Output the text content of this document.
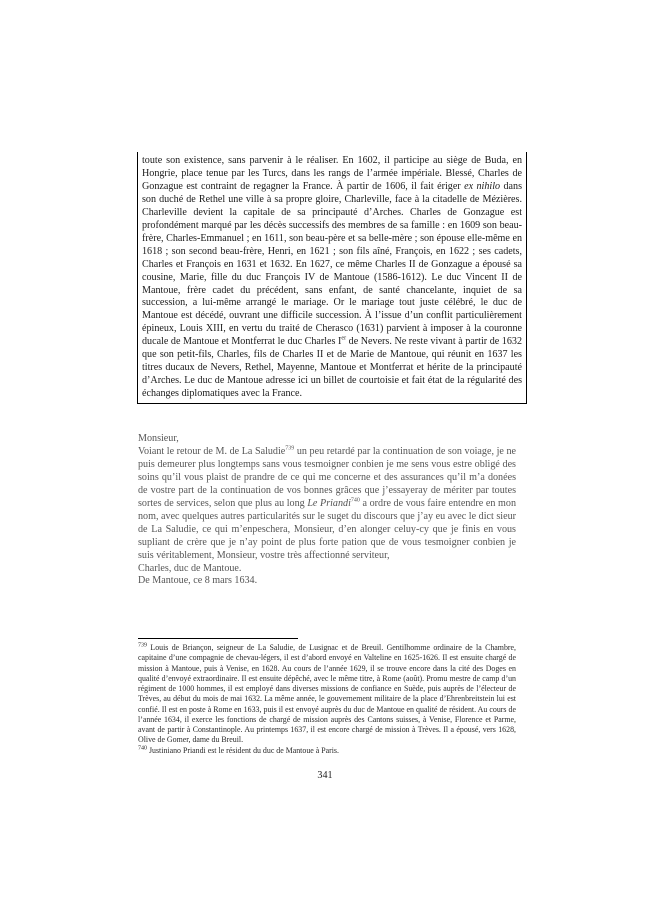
toute son existence, sans parvenir à le réaliser. En 1602, il participe au siège de Buda, en Hongrie, place tenue par les Turcs, dans les rangs de l’armée impériale. Blessé, Charles de Gonzague est contraint de regagner la France. À partir de 1606, il fait ériger ex nihilo dans son duché de Rethel une ville à sa propre gloire, Charleville, face à la citadelle de Mézières. Charleville devient la capitale de sa principauté d’Arches. Charles de Gonzague est profondément marqué par les décès successifs des membres de sa famille : en 1609 son beau-frère, Charles-Emmanuel ; en 1611, son beau-père et sa belle-mère ; son épouse elle-même en 1618 ; son second beau-frère, Henri, en 1621 ; son fils aîné, François, en 1622 ; ses cadets, Charles et François en 1631 et 1632. En 1627, ce même Charles II de Gonzague a épousé sa cousine, Marie, fille du duc François IV de Mantoue (1586-1612). Le duc Vincent II de Mantoue, frère cadet du précédent, sans enfant, de santé chancelante, inquiet de sa succession, a lui-même arrangé le mariage. Or le mariage tout juste célébré, le duc de Mantoue est décédé, ouvrant une difficile succession. À l’issue d’un conflit particulièrement épineux, Louis XIII, en vertu du traité de Cherasco (1631) parvient à imposer à la couronne ducale de Mantoue et Montferrat le duc Charles Ier de Nevers. Ne reste vivant à partir de 1632 que son petit-fils, Charles, fils de Charles II et de Marie de Mantoue, qui réunit en 1637 les titres ducaux de Nevers, Rethel, Mayenne, Mantoue et Montferrat et hérite de la principauté d’Arches. Le duc de Mantoue adresse ici un billet de courtoisie et fait état de la régularité des échanges diplomatiques avec la France.
Monsieur,
Voiant le retour de M. de La Saludie$^{739}$ un peu retardé par la continuation de son voiage, je ne puis demeurer plus longtemps sans vous tesmoigner conbien je me sens vous estre obligé des soins qu’il vous plaist de prandre de ce qui me concerne et des assurances qu’il m’a donées de vostre part de la continuation de vos bonnes grâces que j’essayeray de mériter par toutes sortes de services, selon que plus au long Le Priandi$^{740}$ a ordre de vous faire entendre en mon nom, avec quelques autres particularités sur le suget du discours que j’ay eu avec le dict sieur de La Saludie, ce qui m’enpeschera, Monsieur, d’en alonger celuy-cy que je finis en vous supliant de crère que je n’ay point de plus forte pation que de vous tesmoigner conbien je suis véritablement, Monsieur, vostre très affectionné serviteur,
Charles, duc de Mantoue.
De Mantoue, ce 8 mars 1634.
$^{739}$ Louis de Briançon, seigneur de La Saludie, de Lusignac et de Breuil. Gentilhomme ordinaire de la Chambre, capitaine d’une compagnie de chevau-légers, il est d’abord envoyé en Valteline en 1625-1626. Il est ensuite chargé de mission à Mantoue, puis à Venise, en 1628. Au cours de l’année 1629, il se trouve encore dans la cité des Doges en qualité d’envoyé extraordinaire. Il est ensuite dépêché, avec le même titre, à Rome (août). Promu mestre de camp d’un régiment de 1000 hommes, il est employé dans diverses missions de confiance en Suède, puis auprès de l’électeur de Trèves, au début du mois de mai 1632. La même année, le gouvernement militaire de la place d’Ehrenbreitstein lui est confié. Il est en poste à Rome en 1633, puis il est envoyé auprès du duc de Mantoue en qualité de résident. Au cours de l’année 1634, il exerce les fonctions de chargé de mission auprès des Cantons suisses, à Venise, Florence et Parme, avant de partir à Constantinople. Au printemps 1637, il est encore chargé de mission à Trèves. Il a épousé, vers 1628, Olive de Gomer, dame du Breuil.
$^{740}$ Justiniano Priandi est le résident du duc de Mantoue à Paris.
341
